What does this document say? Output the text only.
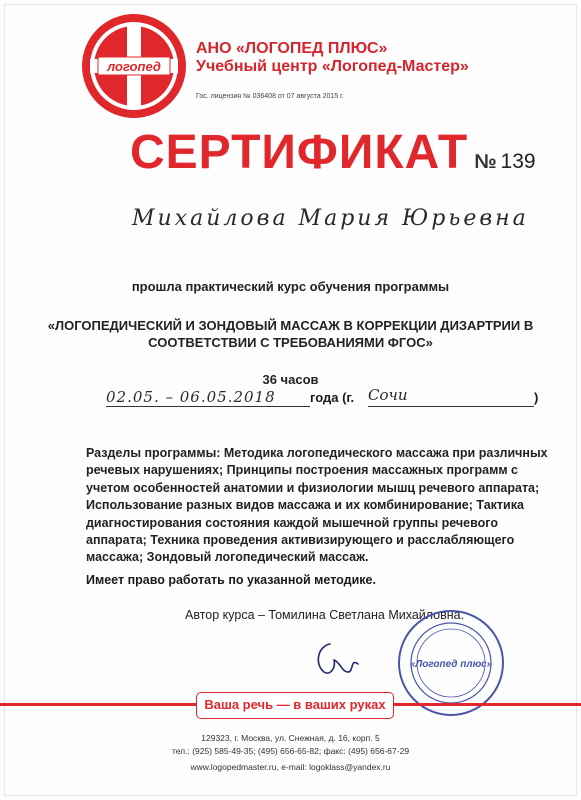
логопед
АНО «ЛОГОПЕД ПЛЮС»
Учебный центр «Логопед-Мастер»
Гос. лицензия № 036408 от 07 августа 2015 г.
СЕРТИФИКАТ № 139
Михайлова Мария Юрьевна
прошла практический курс обучения программы
«ЛОГОПЕДИЧЕСКИЙ И ЗОНДОВЫЙ МАССАЖ В КОРРЕКЦИИ ДИЗАРТРИИ В
СООТВЕТСТВИИ С ТРЕБОВАНИЯМИ ФГОС»
36 часов
02.05. – 06.05.2018	года (г. Сочи	)
Разделы программы: Методика логопедического массажа при различных
речевых нарушениях; Принципы построения массажных программ с
учетом особенностей анатомии и физиологии мышц речевого аппарата;
Использование разных видов массажа и их комбинирование; Тактика
диагностирования состояния каждой мышечной группы речевого
аппарата; Техника проведения активизирующего и расслабляющего
массажа; Зондовый логопедический массаж.
Имеет право работать по указанной методике.
Автор курса – Томилина Светлана Михайловна.
«Логопед плюс»
Ваша речь — в ваших руках
129323, г. Москва, ул. Снежная, д. 16, корп. 5
тел.: (925) 585-49-35; (495) 656-65-82; факс: (495) 656-67-29
www.logopedmaster.ru, e-mail: logoklass@yandex.ru
